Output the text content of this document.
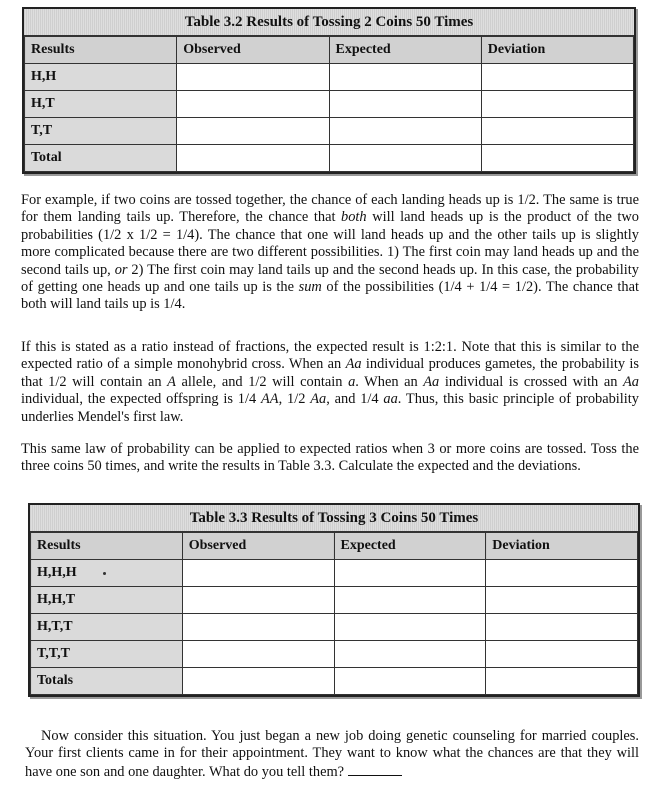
Table 3.2 Results of Tossing 2 Coins 50 Times
Results	Observed	Expected	Deviation
H,H			
H,T			
T,T			
Total			

For example, if two coins are tossed together, the chance of each landing heads up is 1/2. The same is true for them landing tails up. Therefore, the chance that both will land heads up is the product of the two probabilities (1/2 x 1/2 = 1/4). The chance that one will land heads up and the other tails up is slightly more complicated because there are two different possibilities. 1) The first coin may land heads up and the second tails up, or 2) The first coin may land tails up and the second heads up. In this case, the probability of getting one heads up and one tails up is the sum of the possibilities (1/4 + 1/4 = 1/2). The chance that both will land tails up is 1/4.

If this is stated as a ratio instead of fractions, the expected result is 1:2:1. Note that this is similar to the expected ratio of a simple monohybrid cross. When an Aa individual produces gametes, the probability is that 1/2 will contain an A allele, and 1/2 will contain a. When an Aa individual is crossed with an Aa individual, the expected offspring is 1/4 AA, 1/2 Aa, and 1/4 aa. Thus, this basic principle of probability underlies Mendel's first law.

This same law of probability can be applied to expected ratios when 3 or more coins are tossed. Toss the three coins 50 times, and write the results in Table 3.3. Calculate the expected and the deviations.

Table 3.3 Results of Tossing 3 Coins 50 Times
Results	Observed	Expected	Deviation
H,H,H			
H,H,T			
H,T,T			
T,T,T			
Totals			

Now consider this situation. You just began a new job doing genetic counseling for married couples. Your first clients came in for their appointment. They want to know what the chances are that they will have one son and one daughter. What do you tell them?
